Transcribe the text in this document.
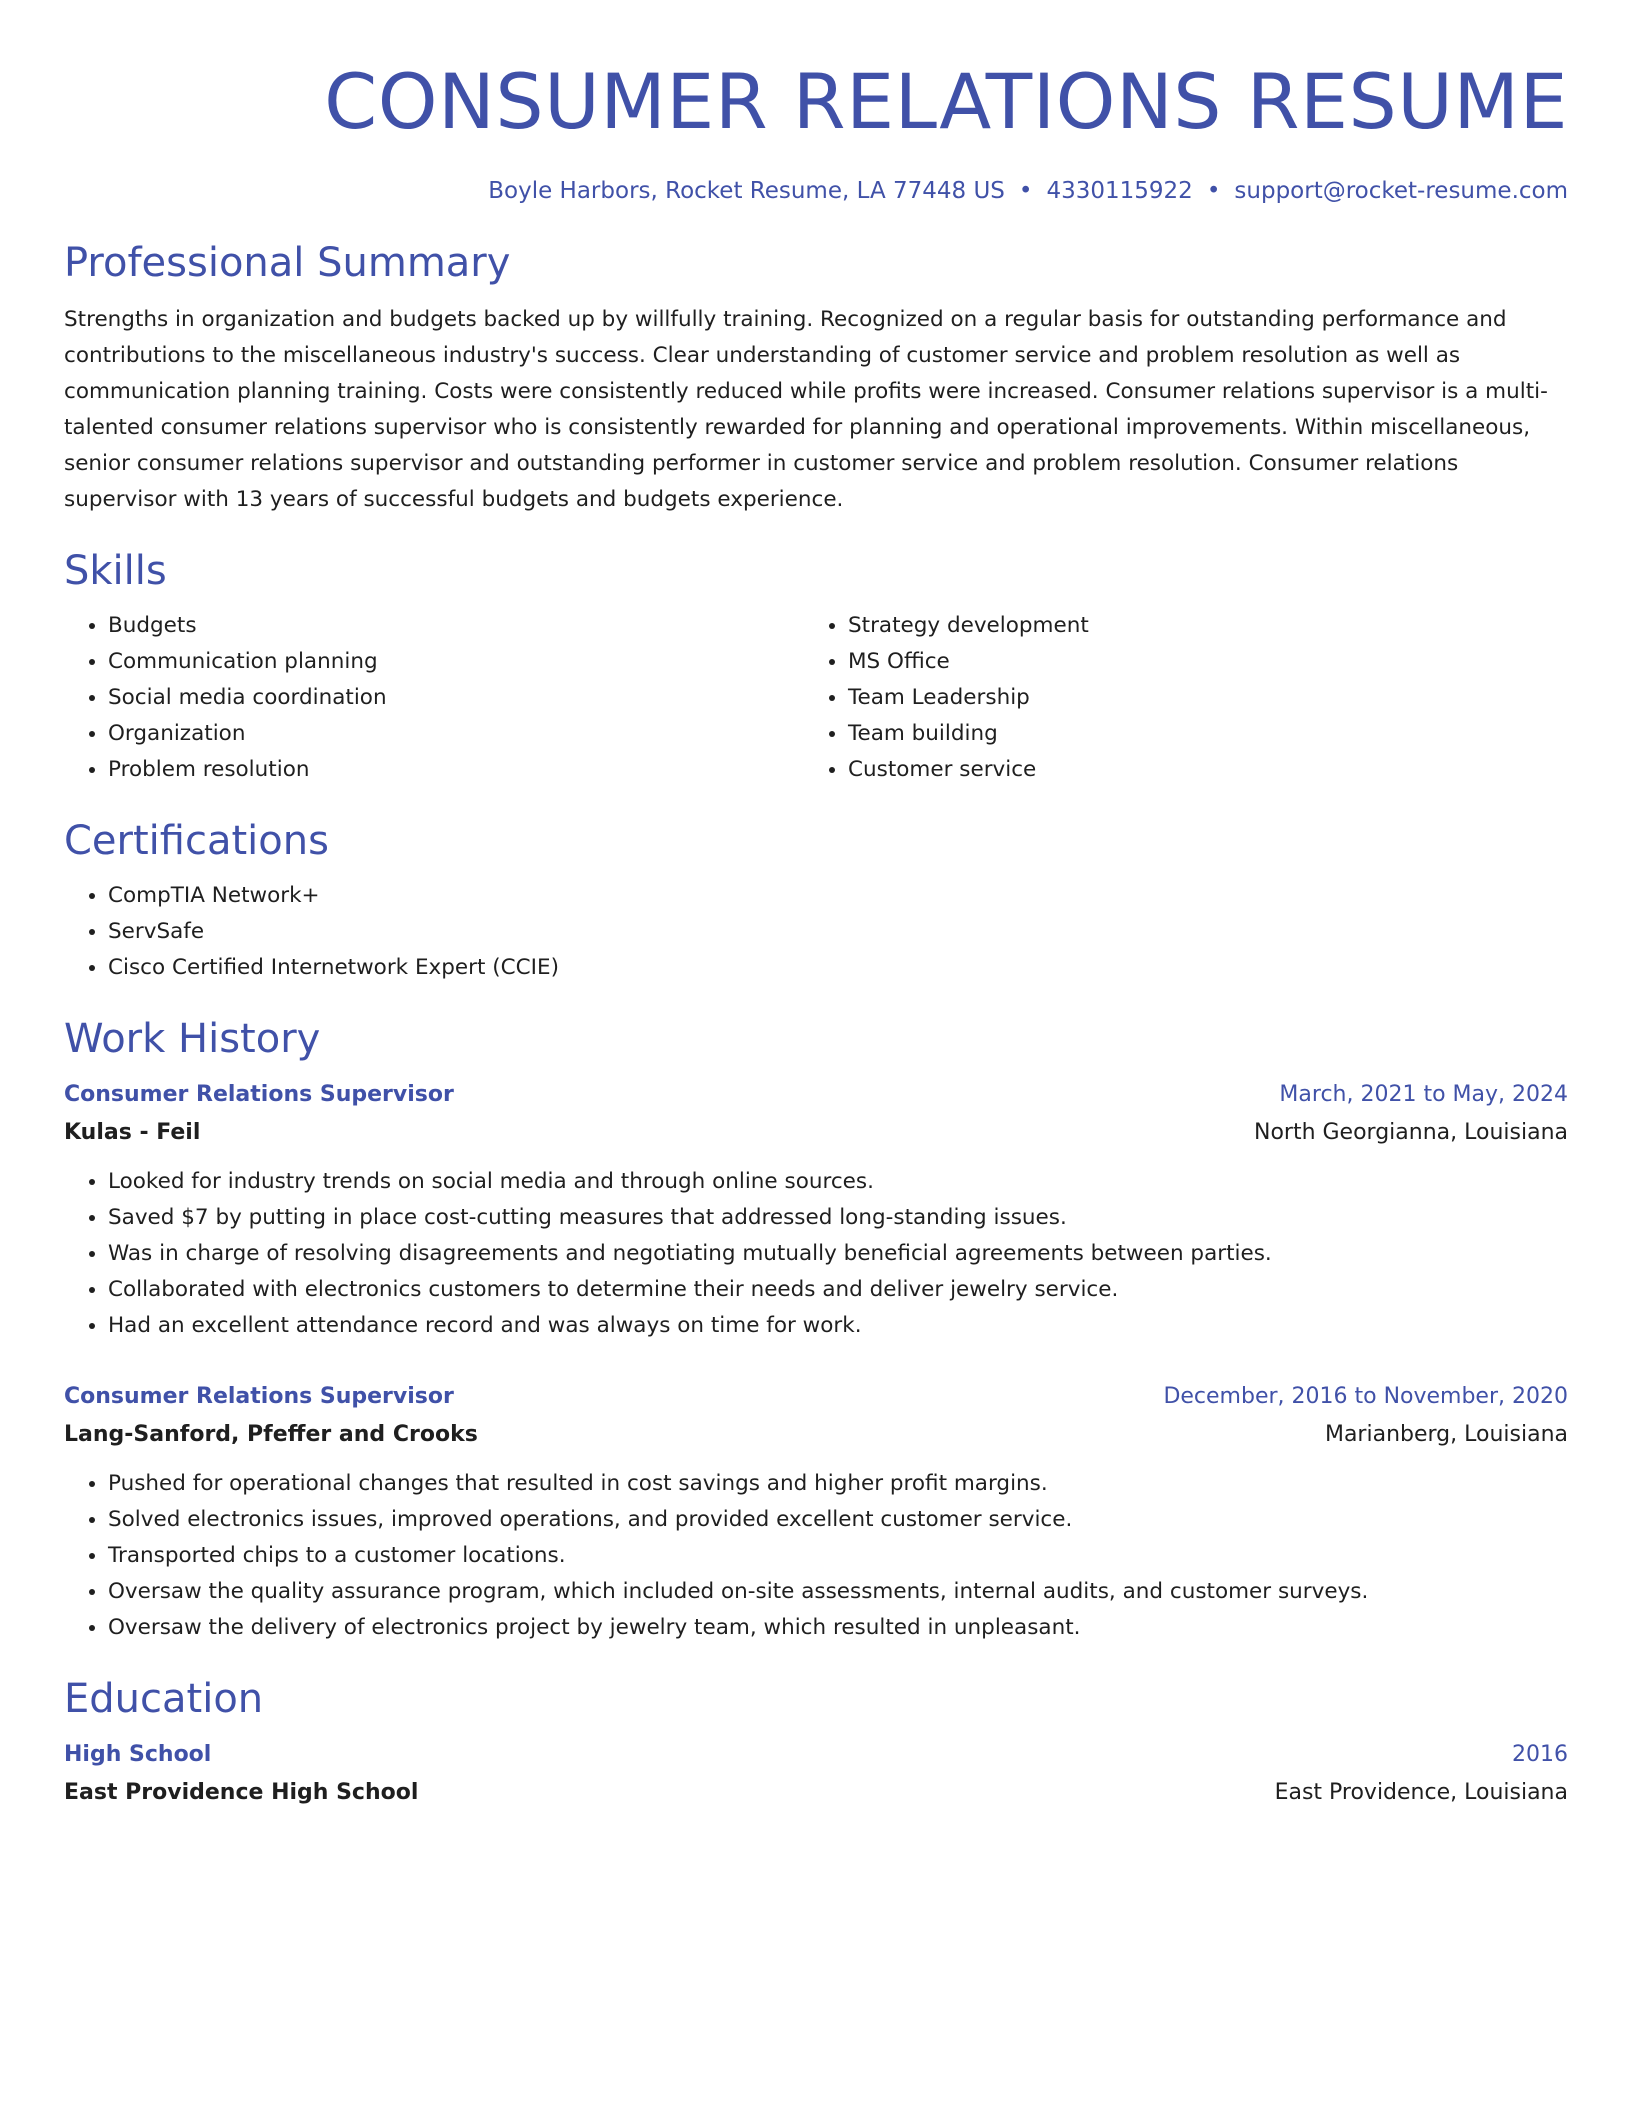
CONSUMER RELATIONS RESUME
Boyle Harbors, Rocket Resume, LA 77448 US • 4330115922 • support@rocket-resume.com
Professional Summary
Strengths in organization and budgets backed up by willfully training. Recognized on a regular basis for outstanding performance and contributions to the miscellaneous industry's success. Clear understanding of customer service and problem resolution as well as communication planning training. Costs were consistently reduced while profits were increased. Consumer relations supervisor is a multi-talented consumer relations supervisor who is consistently rewarded for planning and operational improvements. Within miscellaneous, senior consumer relations supervisor and outstanding performer in customer service and problem resolution. Consumer relations supervisor with 13 years of successful budgets and budgets experience.
Skills
• Budgets
• Communication planning
• Social media coordination
• Organization
• Problem resolution
• Strategy development
• MS Office
• Team Leadership
• Team building
• Customer service
Certifications
• CompTIA Network+
• ServSafe
• Cisco Certified Internetwork Expert (CCIE)
Work History
Consumer Relations Supervisor	March, 2021 to May, 2024
Kulas - Feil	North Georgianna, Louisiana
• Looked for industry trends on social media and through online sources.
• Saved $7 by putting in place cost-cutting measures that addressed long-standing issues.
• Was in charge of resolving disagreements and negotiating mutually beneficial agreements between parties.
• Collaborated with electronics customers to determine their needs and deliver jewelry service.
• Had an excellent attendance record and was always on time for work.
Consumer Relations Supervisor	December, 2016 to November, 2020
Lang-Sanford, Pfeffer and Crooks	Marianberg, Louisiana
• Pushed for operational changes that resulted in cost savings and higher profit margins.
• Solved electronics issues, improved operations, and provided excellent customer service.
• Transported chips to a customer locations.
• Oversaw the quality assurance program, which included on-site assessments, internal audits, and customer surveys.
• Oversaw the delivery of electronics project by jewelry team, which resulted in unpleasant.
Education
High School	2016
East Providence High School	East Providence, Louisiana
